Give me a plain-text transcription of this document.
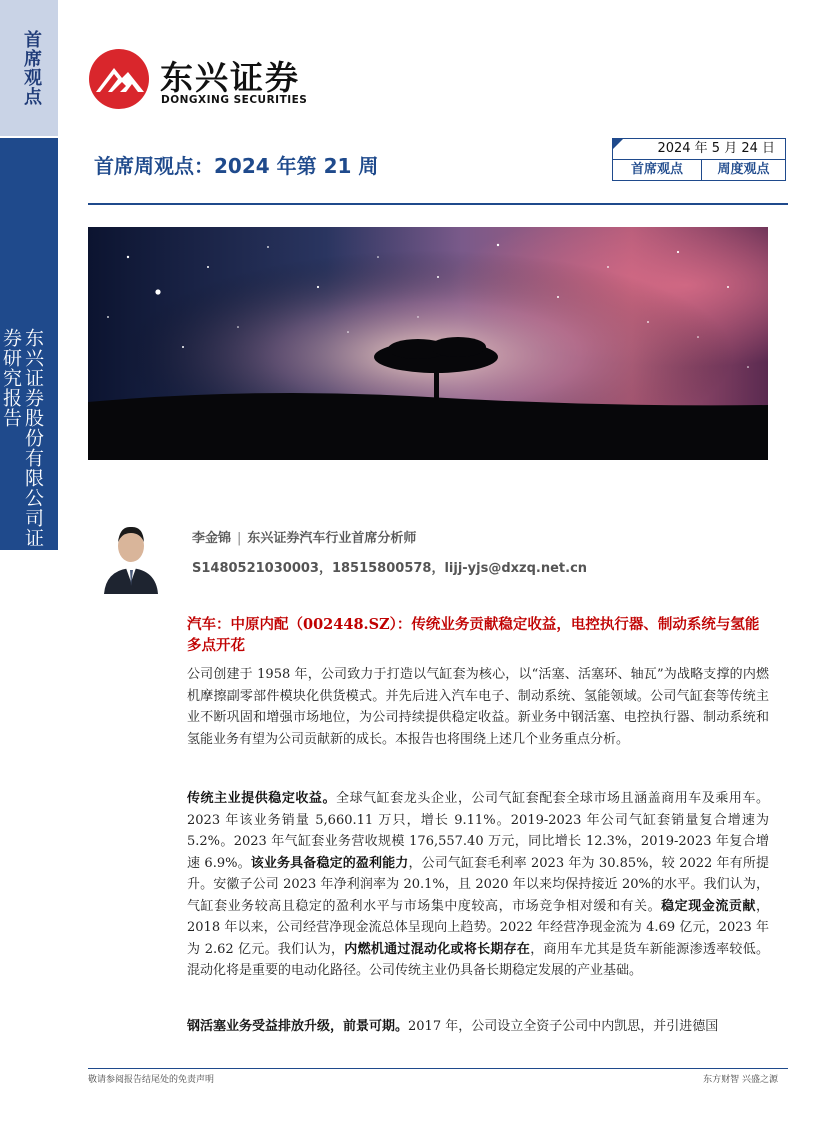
首席观点
东兴证券股份有限公司证券研究报告
东兴证券
DONGXING SECURITIES
首席周观点：2024 年第 21 周
2024 年 5 月 24 日
首席观点	周度观点
李金锦 | 东兴证券汽车行业首席分析师
S1480521030003，18515800578，lijj-yjs@dxzq.net.cn
汽车：中原内配（002448.SZ）：传统业务贡献稳定收益，电控执行器、制动系统与氢能多点开花

公司创建于 1958 年，公司致力于打造以气缸套为核心，以“活塞、活塞环、轴瓦”为战略支撑的内燃机摩擦副零部件模块化供货模式。并先后进入汽车电子、制动系统、氢能领域。公司气缸套等传统主业不断巩固和增强市场地位，为公司持续提供稳定收益。新业务中钢活塞、电控执行器、制动系统和氢能业务有望为公司贡献新的成长。本报告也将围绕上述几个业务重点分析。

传统主业提供稳定收益。全球气缸套龙头企业，公司气缸套配套全球市场且涵盖商用车及乘用车。2023 年该业务销量 5,660.11 万只，增长 9.11%。2019-2023 年公司气缸套销量复合增速为 5.2%。2023 年气缸套业务营收规模 176,557.40 万元，同比增长 12.3%，2019-2023 年复合增速 6.9%。该业务具备稳定的盈利能力，公司气缸套毛利率 2023 年为 30.85%，较 2022 年有所提升。安徽子公司 2023 年净利润率为 20.1%，且 2020 年以来均保持接近 20%的水平。我们认为，气缸套业务较高且稳定的盈利水平与市场集中度较高，市场竞争相对缓和有关。稳定现金流贡献，2018 年以来，公司经营净现金流总体呈现向上趋势。2022 年经营净现金流为 4.69 亿元，2023 年为 2.62 亿元。我们认为，内燃机通过混动化或将长期存在，商用车尤其是货车新能源渗透率较低。混动化将是重要的电动化路径。公司传统主业仍具备长期稳定发展的产业基础。

钢活塞业务受益排放升级，前景可期。2017 年，公司设立全资子公司中内凯思，并引进德国

敬请参阅报告结尾处的免责声明	东方财智 兴盛之源
